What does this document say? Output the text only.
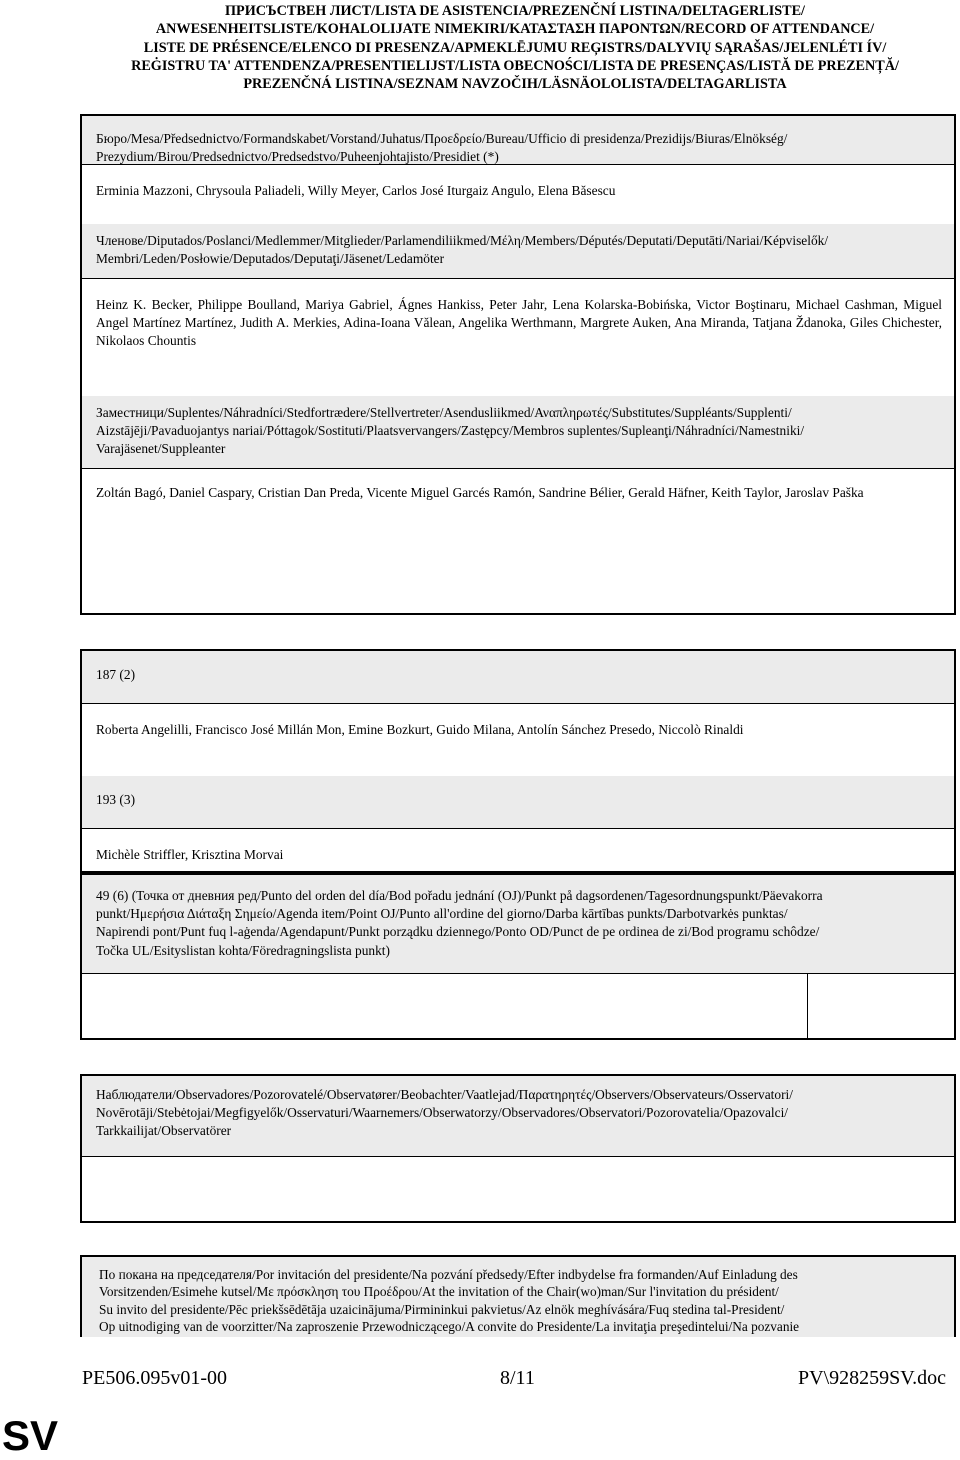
ПРИСЪСТВЕН ЛИСТ/LISTA DE ASISTENCIA/PREZENČNÍ LISTINA/DELTAGERLISTE/
ANWESENHEITSLISTE/KOHALOLIJATE NIMEKIRI/ΚΑΤΑΣΤΑΣΗ ΠΑΡΟΝΤΩΝ/RECORD OF ATTENDANCE/
LISTE DE PRÉSENCE/ELENCO DI PRESENZA/APMEKLĒJUMU REĢISTRS/DALYVIŲ SĄRAŠAS/JELENLÉTI ÍV/
REĠISTRU TA' ATTENDENZA/PRESENTIELIJST/LISTA OBECNOŚCI/LISTA DE PRESENÇAS/LISTĂ DE PREZENȚĂ/
PREZENČNÁ LISTINA/SEZNAM NAVZOČIH/LÄSNÄOLOLISTA/DELTAGARLISTA
Бюро/Mesa/Předsednictvo/Formandskabet/Vorstand/Juhatus/Προεδρείο/Bureau/Ufficio di presidenza/Prezidijs/Biuras/Elnökség/
Prezydium/Birou/Predsednictvo/Predsedstvo/Puheenjohtajisto/Presidiet (*)
Erminia Mazzoni, Chrysoula Paliadeli, Willy Meyer, Carlos José Iturgaiz Angulo, Elena Băsescu
Членове/Diputados/Poslanci/Medlemmer/Mitglieder/Parlamendiliikmed/Μέλη/Members/Députés/Deputati/Deputāti/Nariai/Képviselők/
Membri/Leden/Posłowie/Deputados/Deputaţi/Jäsenet/Ledamöter
Heinz K. Becker, Philippe Boulland, Mariya Gabriel, Ágnes Hankiss, Peter Jahr, Lena Kolarska-Bobińska, Victor Boştinaru, Michael Cashman, Miguel Angel Martínez Martínez, Judith A. Merkies, Adina-Ioana Vălean, Angelika Werthmann, Margrete Auken, Ana Miranda, Tatjana Ždanoka, Giles Chichester, Nikolaos Chountis
Заместници/Suplentes/Náhradníci/Stedfortrædere/Stellvertreter/Asendusliikmed/Αναπληρωτές/Substitutes/Suppléants/Supplenti/
Aizstājēji/Pavaduojantys nariai/Póttagok/Sostituti/Plaatsvervangers/Zastępcy/Membros suplentes/Supleanţi/Náhradníci/Namestniki/
Varajäsenet/Suppleanter
Zoltán Bagó, Daniel Caspary, Cristian Dan Preda, Vicente Miguel Garcés Ramón, Sandrine Bélier, Gerald Häfner, Keith Taylor, Jaroslav Paška
187 (2)
Roberta Angelilli, Francisco José Millán Mon, Emine Bozkurt, Guido Milana, Antolín Sánchez Presedo, Niccolò Rinaldi
193 (3)
Michèle Striffler, Krisztina Morvai
49 (6) (Точка от дневния ред/Punto del orden del día/Bod pořadu jednání (OJ)/Punkt på dagsordenen/Tagesordnungspunkt/Päevakorra
punkt/Ημερήσια Διάταξη Σημείο/Agenda item/Point OJ/Punto all'ordine del giorno/Darba kārtības punkts/Darbotvarkės punktas/
Napirendi pont/Punt fuq l-aġenda/Agendapunt/Punkt porządku dziennego/Ponto OD/Punct de pe ordinea de zi/Bod programu schôdze/
Točka UL/Esityslistan kohta/Föredragningslista punkt)
Наблюдатели/Observadores/Pozorovatelé/Observatører/Beobachter/Vaatlejad/Παρατηρητές/Observers/Observateurs/Osservatori/
Novērotāji/Stebėtojai/Megfigyelők/Osservaturi/Waarnemers/Obserwatorzy/Observadores/Observatori/Pozorovatelia/Opazovalci/
Tarkkailijat/Observatörer
По покана на председателя/Por invitación del presidente/Na pozvání předsedy/Efter indbydelse fra formanden/Auf Einladung des
Vorsitzenden/Esimehe kutsel/Με πρόσκληση του Προέδρου/At the invitation of the Chair(wo)man/Sur l'invitation du président/
Su invito del presidente/Pēc priekšsēdētāja uzaicinājuma/Pirmininkui pakvietus/Az elnök meghívására/Fuq stedina tal-President/
Op uitnodiging van de voorzitter/Na zaproszenie Przewodniczącego/A convite do Presidente/La invitaţia preşedintelui/Na pozvanie
PE506.095v01-00	8/11	PV\928259SV.doc
SV
